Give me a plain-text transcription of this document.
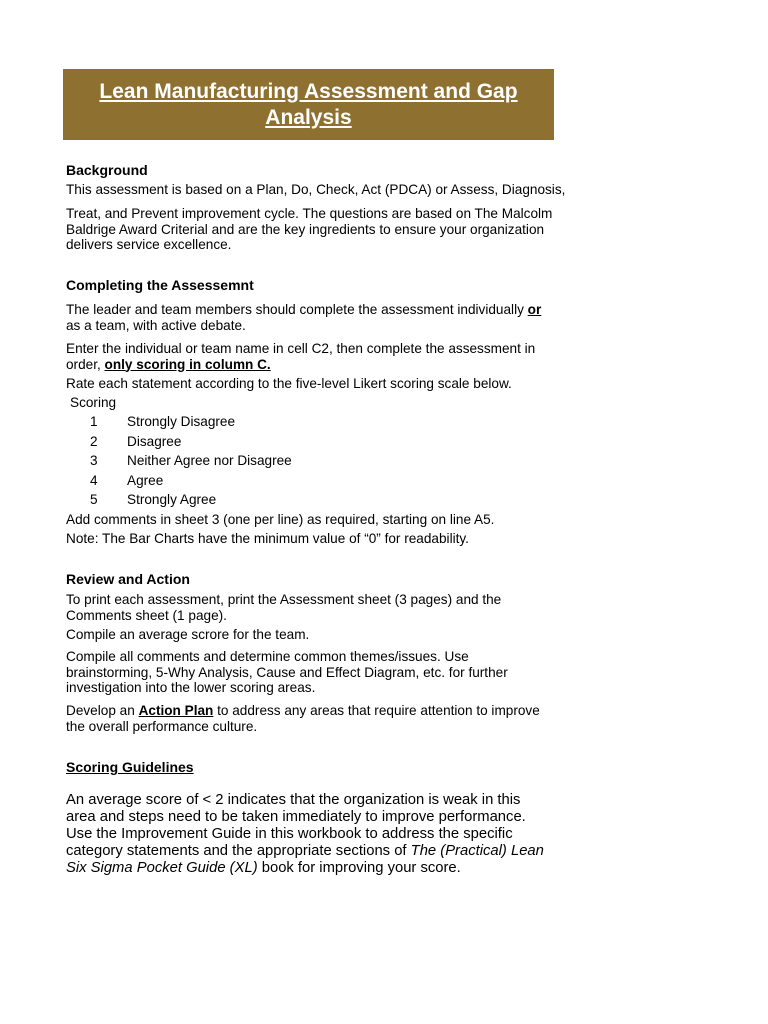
Lean Manufacturing Assessment and Gap Analysis

Background

This assessment is based on a Plan, Do, Check, Act (PDCA) or Assess, Diagnosis,

Treat, and Prevent improvement cycle. The questions are based on The Malcolm Baldrige Award Criterial and are the key ingredients to ensure your organization delivers service excellence.

Completing the Assessemnt

The leader and team members should complete the assessment individually or as a team, with active debate.

Enter the individual or team name in cell C2, then complete the assessment in order, only scoring in column C.

Rate each statement according to the five-level Likert scoring scale below.

Scoring

1	Strongly Disagree
2	Disagree
3	Neither Agree nor Disagree
4	Agree
5	Strongly Agree

Add comments in sheet 3 (one per line) as required, starting on line A5.

Note: The Bar Charts have the minimum value of “0” for readability.

Review and Action

To print each assessment, print the Assessment sheet (3 pages) and the Comments sheet (1 page).

Compile an average scrore for the team.

Compile all comments and determine common themes/issues. Use brainstorming, 5-Why Analysis, Cause and Effect Diagram, etc. for further investigation into the lower scoring areas.

Develop an Action Plan to address any areas that require attention to improve the overall performance culture.

Scoring Guidelines

An average score of < 2 indicates that the organization is weak in this area and steps need to be taken immediately to improve performance. Use the Improvement Guide in this workbook to address the specific category statements and the appropriate sections of The (Practical) Lean Six Sigma Pocket Guide (XL) book for improving your score.
